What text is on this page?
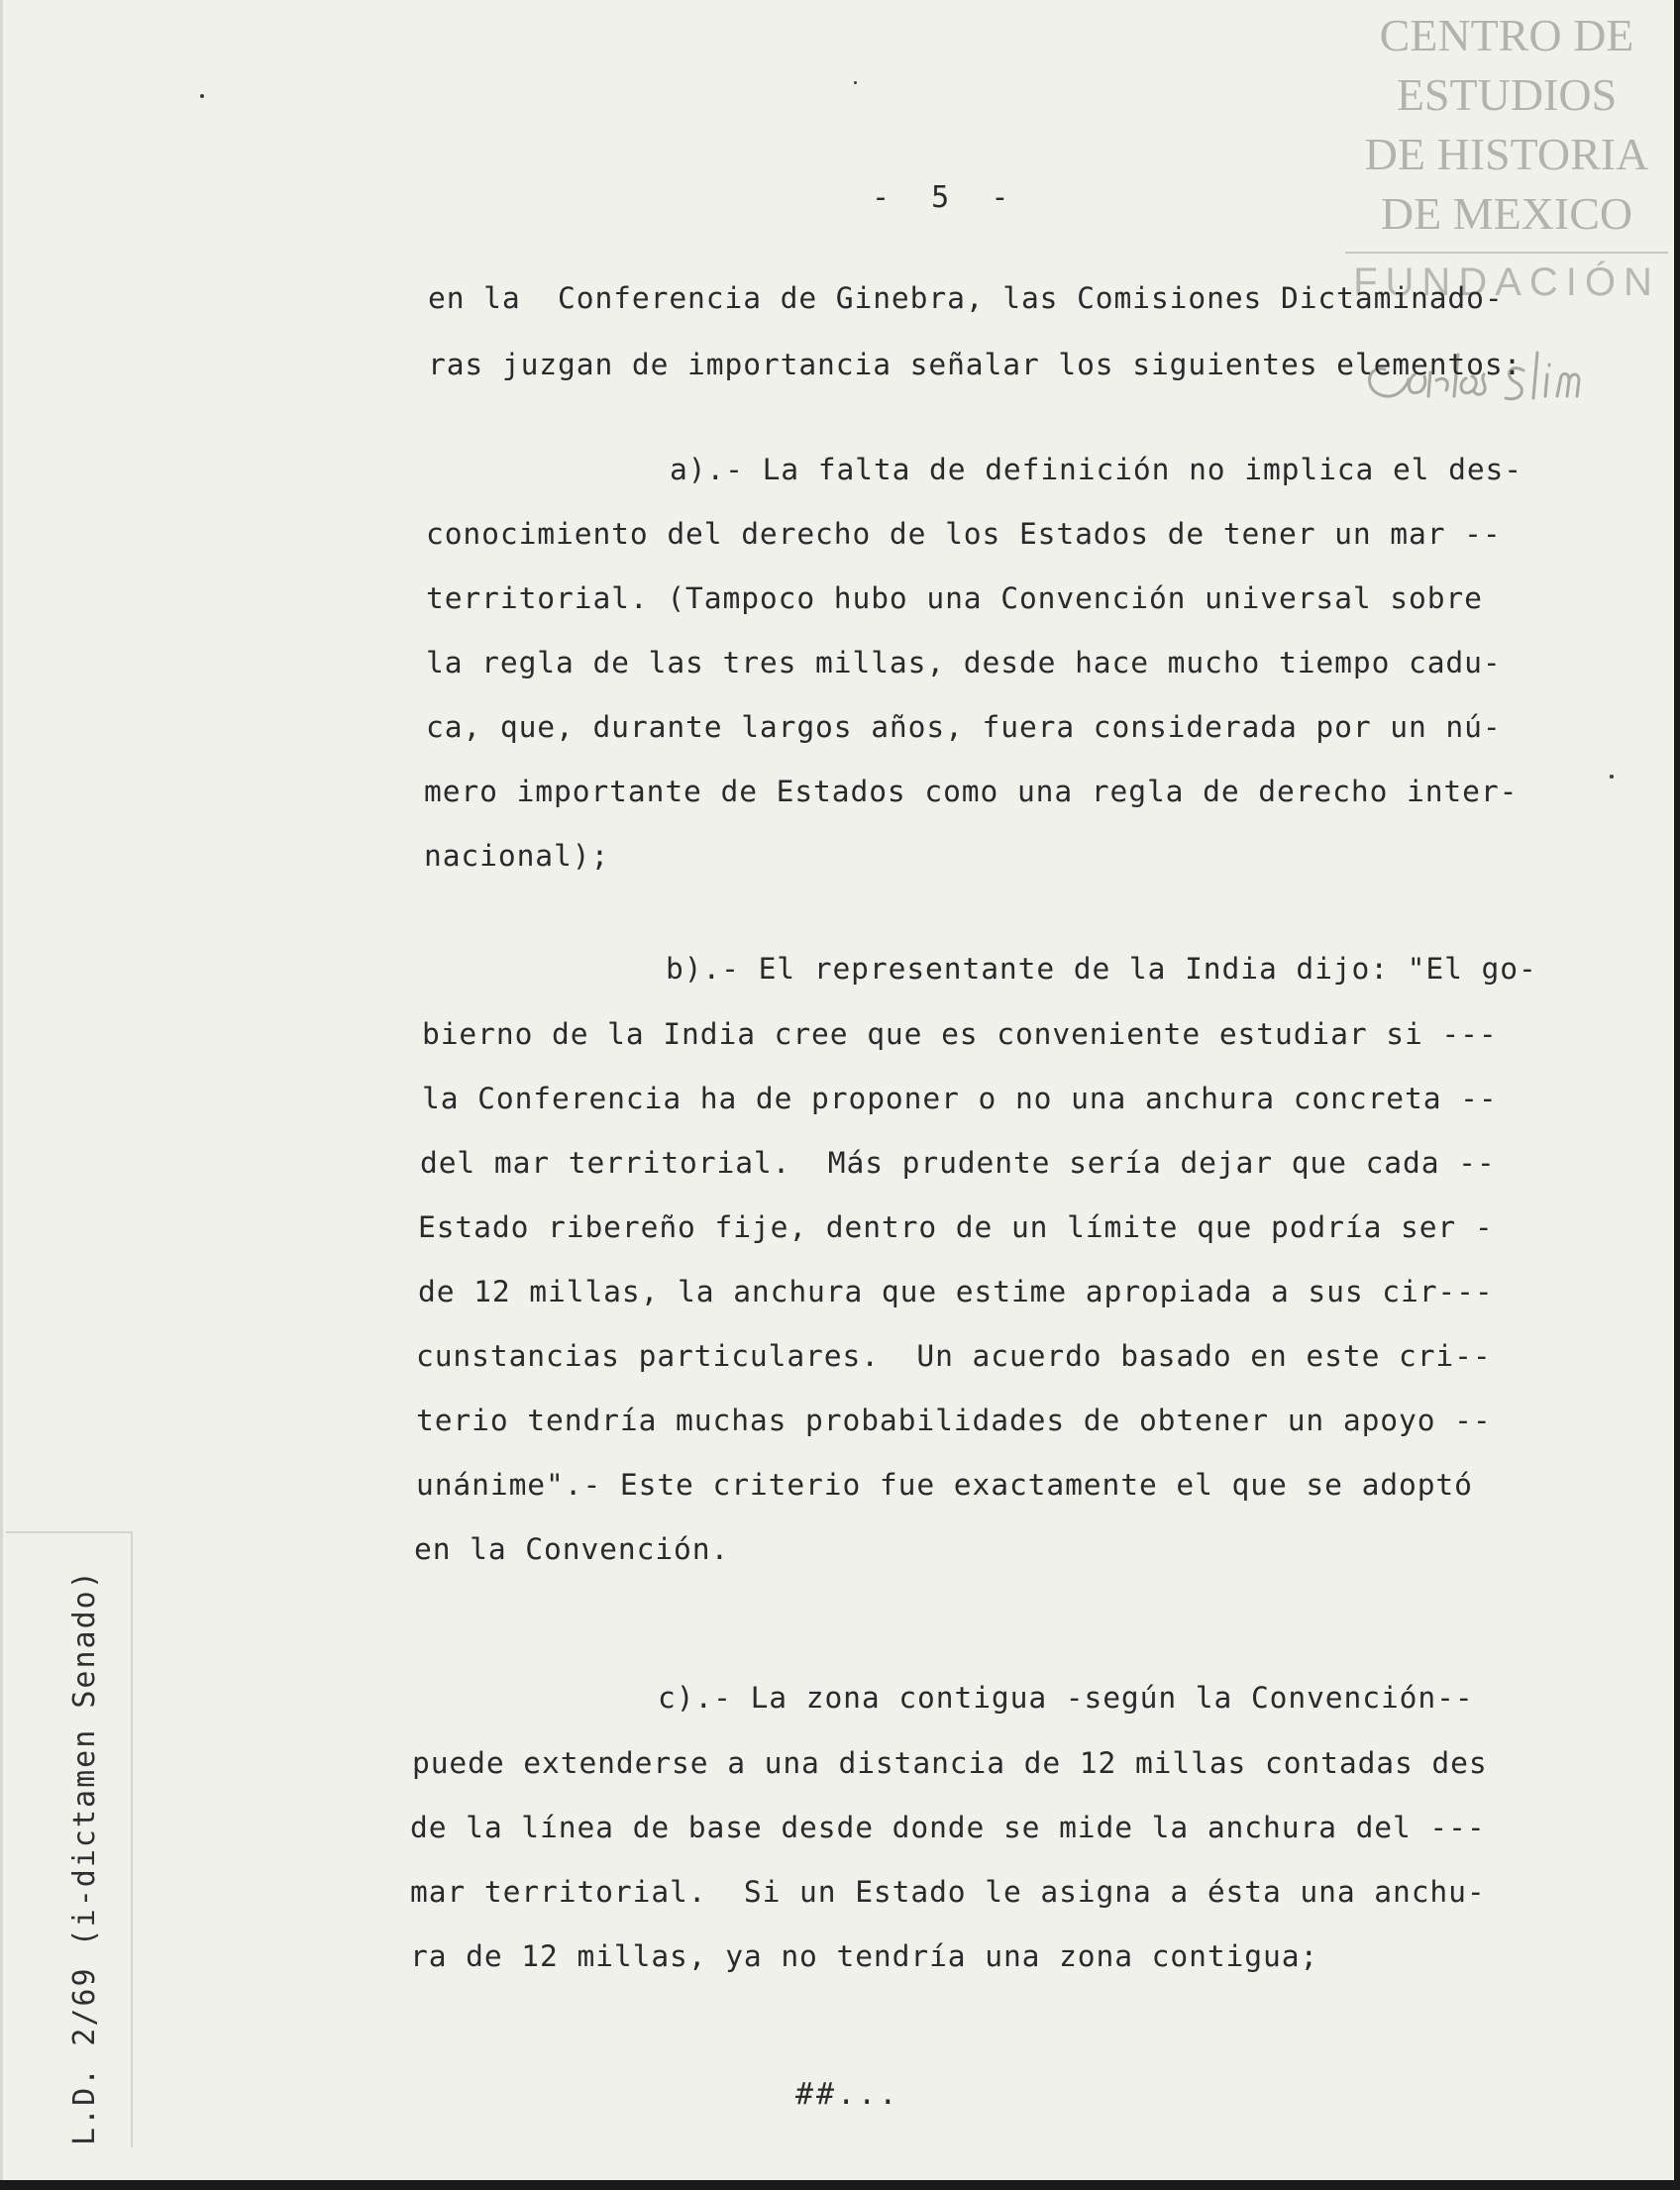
CENTRO DE
ESTUDIOS
DE HISTORIA
DE MEXICO
FUNDACIÓN
-  5  -
en la  Conferencia de Ginebra, las Comisiones Dictaminado-
ras juzgan de importancia señalar los siguientes elementos:
a).- La falta de definición no implica el des-
conocimiento del derecho de los Estados de tener un mar --
territorial. (Tampoco hubo una Convención universal sobre
la regla de las tres millas, desde hace mucho tiempo cadu-
ca, que, durante largos años, fuera considerada por un nú-
mero importante de Estados como una regla de derecho inter-
nacional);
b).- El representante de la India dijo: "El go-
bierno de la India cree que es conveniente estudiar si ---
la Conferencia ha de proponer o no una anchura concreta --
del mar territorial.  Más prudente sería dejar que cada --
Estado ribereño fije, dentro de un límite que podría ser -
de 12 millas, la anchura que estime apropiada a sus cir---
cunstancias particulares.  Un acuerdo basado en este cri--
terio tendría muchas probabilidades de obtener un apoyo --
unánime".- Este criterio fue exactamente el que se adoptó
en la Convención.
c).- La zona contigua -según la Convención--
puede extenderse a una distancia de 12 millas contadas des
de la línea de base desde donde se mide la anchura del ---
mar territorial.  Si un Estado le asigna a ésta una anchu-
ra de 12 millas, ya no tendría una zona contigua;
##...
L.D. 2/69 (i-dictamen Senado)
